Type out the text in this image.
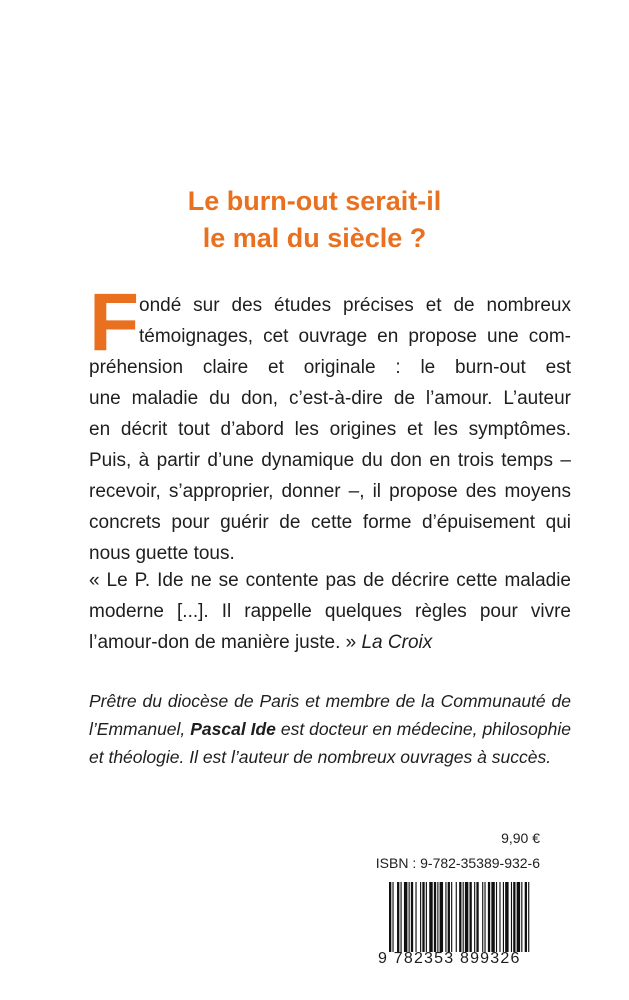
Le burn-out serait-il
le mal du siècle ?
F ondé sur des études précises et de nombreux
témoignages, cet ouvrage en propose une com-
préhension claire et originale : le burn-out est
une maladie du don, c’est-à-dire de l’amour. L’auteur
en décrit tout d’abord les origines et les symptômes.
Puis, à partir d’une dynamique du don en trois temps –
recevoir, s’approprier, donner –, il propose des moyens
concrets pour guérir de cette forme d’épuisement qui
nous guette tous.
« Le P. Ide ne se contente pas de décrire cette maladie
moderne [...]. Il rappelle quelques règles pour vivre
l’amour-don de manière juste. » La Croix
Prêtre du diocèse de Paris et membre de la Communauté de
l’Emmanuel, Pascal Ide est docteur en médecine, philosophie
et théologie. Il est l’auteur de nombreux ouvrages à succès.
9,90 €
ISBN : 9-782-35389-932-6
9 782353 899326
